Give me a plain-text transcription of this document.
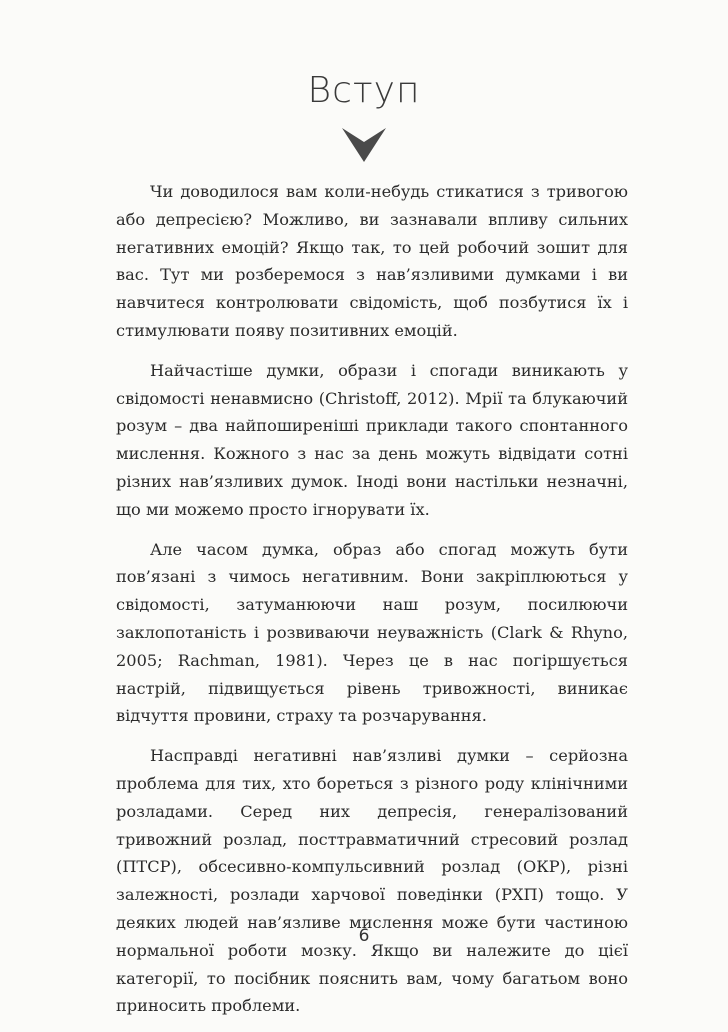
Вступ

Чи доводилося вам коли-небудь стикатися з тривогою або депресією? Можливо, ви зазнавали впливу сильних негативних емоцій? Якщо так, то цей робочий зошит для вас. Тут ми розберемося з нав’язливими думками і ви навчитеся контролювати свідомість, щоб позбутися їх і стимулювати появу позитивних емоцій.

Найчастіше думки, образи і спогади виникають у свідомості ненавмисно (Christoff, 2012). Мрії та блукаючий розум – два найпоширеніші приклади такого спонтанного мислення. Кожного з нас за день можуть відвідати сотні різних нав’язливих думок. Іноді вони настільки незначні, що ми можемо просто ігнорувати їх.

Але часом думка, образ або спогад можуть бути пов’язані з чимось негативним. Вони закріплюються у свідомості, затуманюючи наш розум, посилюючи заклопотаність і розвиваючи неуважність (Clark & Rhyno, 2005; Rachman, 1981). Через це в нас погіршується настрій, підвищується рівень тривожності, виникає відчуття провини, страху та розчарування.

Насправді негативні нав’язливі думки – серйозна проблема для тих, хто бореться з різного роду клінічними розладами. Серед них депресія, генералізований тривожний розлад, посттравматичний стресовий розлад (ПТСР), обсесивно-компульсивний розлад (ОКР), різні залежності, розлади харчової поведінки (РХП) тощо. У деяких людей нав’язливе мислення може бути частиною нормальної роботи мозку. Якщо ви належите до цієї категорії, то посібник пояснить вам, чому багатьом воно приносить проблеми.

6
